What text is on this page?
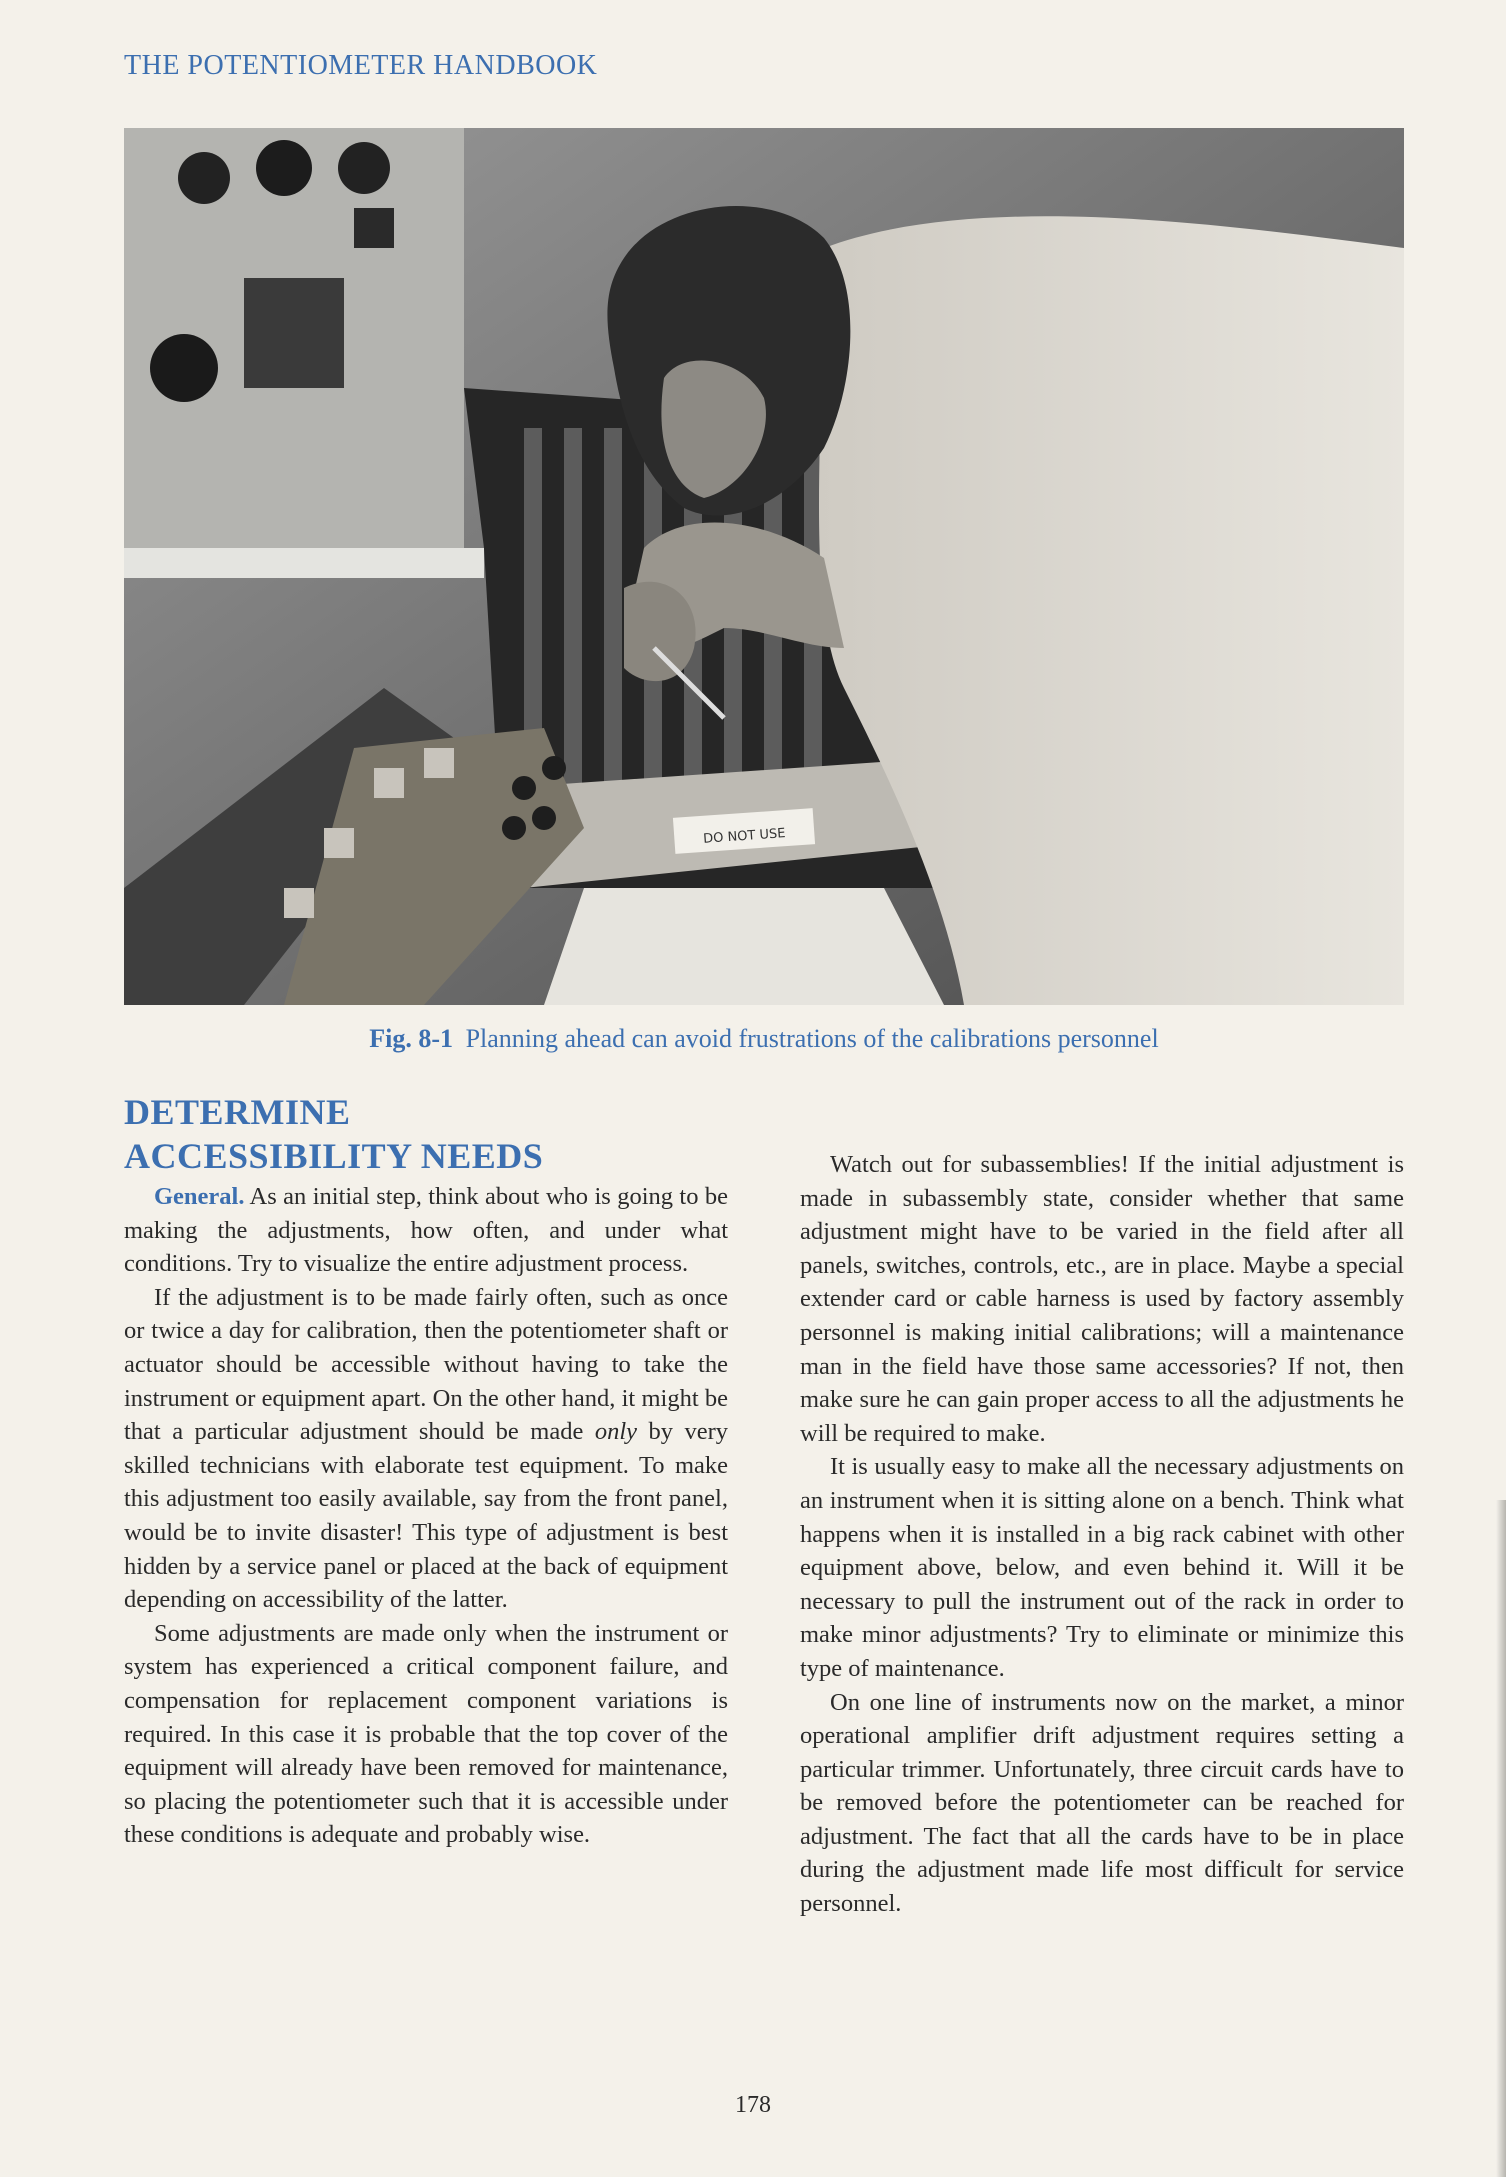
THE POTENTIOMETER HANDBOOK
DO NOT USE
Fig. 8-1 Planning ahead can avoid frustrations of the calibrations personnel
DETERMINE
ACCESSIBILITY NEEDS

General. As an initial step, think about who is going to be making the adjustments, how often, and under what conditions. Try to visualize the entire adjustment process.

If the adjustment is to be made fairly often, such as once or twice a day for calibration, then the potentiometer shaft or actuator should be accessible without having to take the instrument or equipment apart. On the other hand, it might be that a particular adjustment should be made only by very skilled technicians with elaborate test equipment. To make this adjustment too easily available, say from the front panel, would be to invite disaster! This type of adjustment is best hidden by a service panel or placed at the back of equipment depending on accessibility of the latter.

Some adjustments are made only when the instrument or system has experienced a critical component failure, and compensation for replacement component variations is required. In this case it is probable that the top cover of the equipment will already have been removed for maintenance, so placing the potentiometer such that it is accessible under these conditions is adequate and probably wise.

Watch out for subassemblies! If the initial adjustment is made in subassembly state, consider whether that same adjustment might have to be varied in the field after all panels, switches, controls, etc., are in place. Maybe a special extender card or cable harness is used by factory assembly personnel is making initial calibrations; will a maintenance man in the field have those same accessories? If not, then make sure he can gain proper access to all the adjustments he will be required to make.

It is usually easy to make all the necessary adjustments on an instrument when it is sitting alone on a bench. Think what happens when it is installed in a big rack cabinet with other equipment above, below, and even behind it. Will it be necessary to pull the instrument out of the rack in order to make minor adjustments? Try to eliminate or minimize this type of maintenance.

On one line of instruments now on the market, a minor operational amplifier drift adjustment requires setting a particular trimmer. Unfortunately, three circuit cards have to be removed before the potentiometer can be reached for adjustment. The fact that all the cards have to be in place during the adjustment made life most difficult for service personnel.

178
